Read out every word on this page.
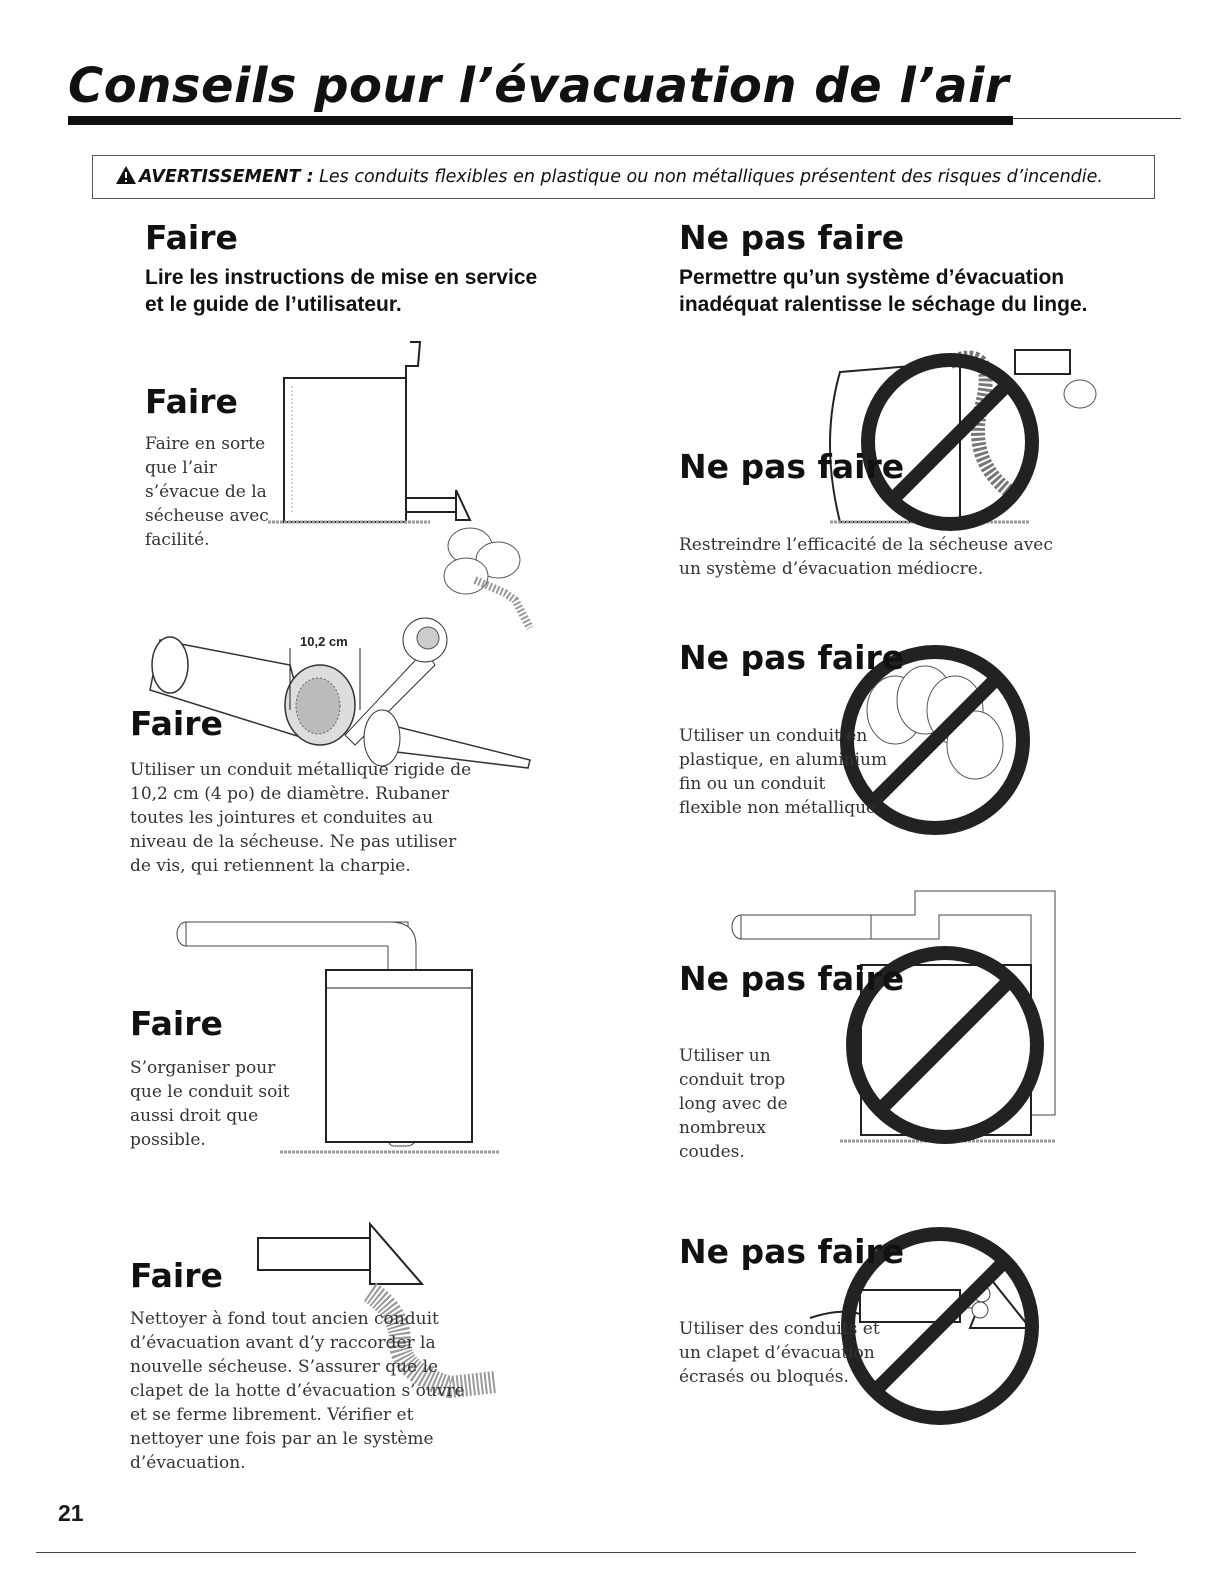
Conseils pour l’évacuation de l’air
AVERTISSEMENT : Les conduits flexibles en plastique ou non métalliques présentent des risques d’incendie.
Faire

Lire les instructions de mise en service et le guide de l’utilisateur.

Faire

Faire en sorte que l’air s’évacue de la sécheuse avec facilité.

10,2 cm
Faire

Utiliser un conduit métallique rigide de 10,2 cm (4 po) de diamètre. Rubaner toutes les jointures et conduites au niveau de la sécheuse. Ne pas utiliser de vis, qui retiennent la charpie.

Faire

S’organiser pour que le conduit soit aussi droit que possible.

Faire

Nettoyer à fond tout ancien conduit d’évacuation avant d’y raccorder la nouvelle sécheuse. S’assurer que le clapet de la hotte d’évacuation s’ouvre et se ferme librement. Vérifier et nettoyer une fois par an le système d’évacuation.

Ne pas faire

Permettre qu’un système d’évacuation inadéquat ralentisse le séchage du linge.

Ne pas faire

Restreindre l’efficacité de la sécheuse avec un système d’évacuation médiocre.

Ne pas faire

Utiliser un conduit en plastique, en aluminium fin ou un conduit flexible non métallique.

Ne pas faire

Utiliser un conduit trop long avec de nombreux coudes.

Ne pas faire

Utiliser des conduits et un clapet d’évacuation écrasés ou bloqués.

21
